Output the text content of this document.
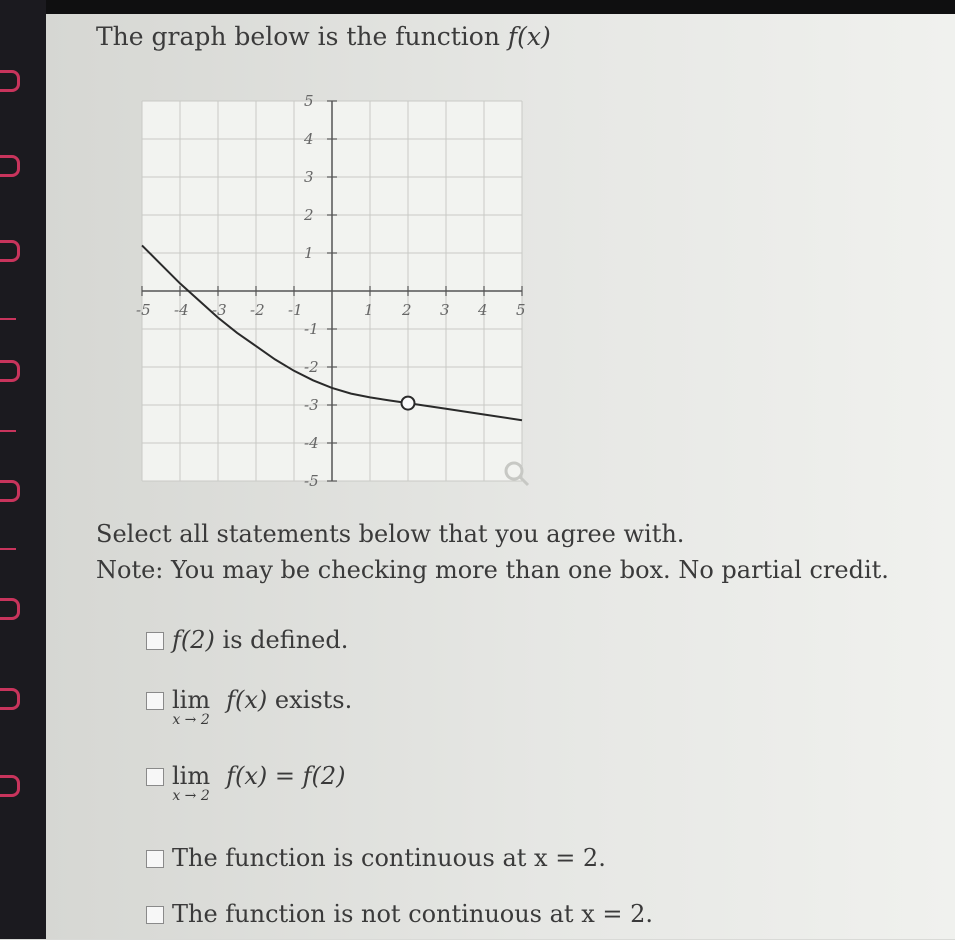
The graph below is the function f(x)
-5 -4 -3 -2 -1	1 2 3 4 5
5
4
3
2
1
-1
-2
-3
-4
-5
Select all statements below that you agree with.
Note: You may be checking more than one box. No partial credit.
f(2) is defined.
lim
x → 2
f(x) exists.
lim
x → 2
f(x) = f(2)
The function is continuous at x = 2.
The function is not continuous at x = 2.
